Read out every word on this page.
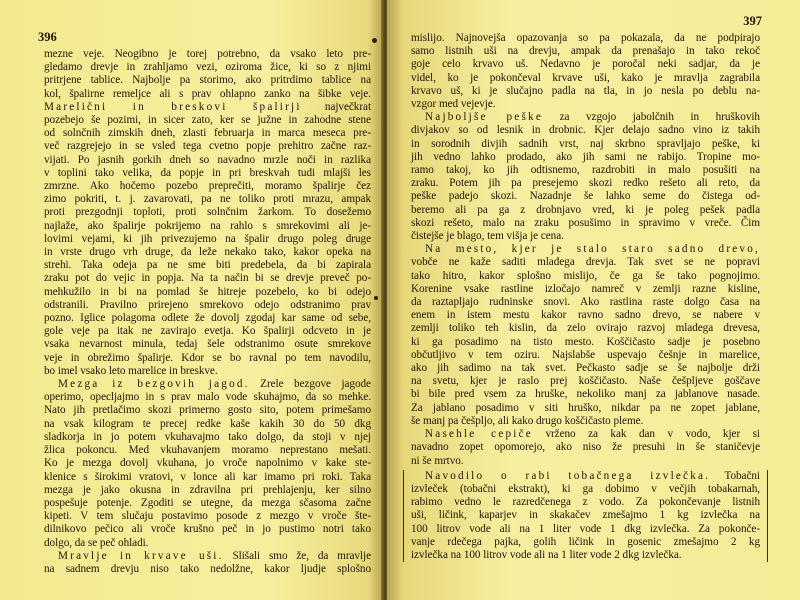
396
mezne veje. Neogibno je torej potrebno, da vsako leto pre-
gledamo drevje in zrahljamo vezi, oziroma žice, ki so z njimi
pritrjene tablice. Najbolje pa storimo, ako pritrdimo tablice na
kol, špalirne remeljce ali s prav ohlapno zanko na šibke veje.
Marelični in breskovi špalirji največkrat
pozebejo še pozimi, in sicer zato, ker se južne in zahodne stene
od solnčnih zimskih dneh, zlasti februarja in marca meseca pre-
več razgrejejo in se vsled tega cvetno popje prehitro začne raz-
vijati. Po jasnih gorkih dneh so navadno mrzle noči in razlika
v toplini tako velika, da popje in pri breskvah tudi mlajši les
zmrzne. Ako hočemo pozebo preprečiti, moramo špalirje čez
zimo pokriti, t. j. zavarovati, pa ne toliko proti mrazu, ampak
proti prezgodnji toploti, proti solnčnim žarkom. To dosežemo
najlaže, ako špalirje pokrijemo na rahlo s smrekovimi ali je-
lovimi vejami, ki jih privezujemo na špalir drugo poleg druge
in vrste drugo vrh druge, da leže nekako tako, kakor opeka na
strehi. Taka odeja pa ne sme biti predebela, da bi zapirala
zraku pot do vejic in popja. Na ta način bi se drevje preveč po-
mehkužilo in bi na pomlad še hitreje pozebelo, ko bi odejo
odstranili. Pravilno prirejeno smrekovo odejo odstranimo prav
pozno. Iglice polagoma odlete že dovolj zgodaj kar same od sebe,
gole veje pa itak ne zavirajo evetja. Ko špalirji odcveto in je
vsaka nevarnost minula, tedaj šele odstranimo osute smrekove
veje in obrežimo špalirje. Kdor se bo ravnal po tem navodilu,
bo imel vsako leto marelice in breskve.
Mezga iz bezgovih jagod. Zrele bezgove jagode
operimo, opecljajmo in s prav malo vode skuhajmo, da so mehke.
Nato jih pretlačimo skozi primerno gosto sito, potem primešamo
na vsak kilogram te precej redke kaše kakih 30 do 50 dkg
sladkorja in jo potem vkuhavajmo tako dolgo, da stoji v njej
žlica pokoncu. Med vkuhavanjem moramo neprestano mešati.
Ko je mezga dovolj vkuhana, jo vroče napolnimo v kake ste-
klenice s širokimi vratovi, v lonce ali kar imamo pri roki. Taka
mezga je jako okusna in zdravilna pri prehlajenju, ker silno
pospešuje potenje. Zgoditi se utegne, da mezga sčasoma začne
kipeti. V tem slučaju postavimo posode z mezgo v vroče šte-
dilnikovo pečico ali vroče krušno peč in jo pustimo notri tako
dolgo, da se peč ohladi.
Mravlje in krvave uši. Slišali smo že, da mravlje
na sadnem drevju niso tako nedolžne, kakor ljudje splošno
397
mislijo. Najnovejša opazovanja so pa pokazala, da ne podpirajo
samo listnih uši na drevju, ampak da prenašajo in tako rekoč
goje celo krvavo uš. Nedavno je poročal neki sadjar, da je
videl, ko je pokončeval krvave uši, kako je mravlja zagrabila
krvavo uš, ki je slučajno padla na tla, in jo nesla po deblu na-
vzgor med vejevje.
Najboljše peške za vzgojo jabolčnih in hruškovih
divjakov so od lesnik in drobnic. Kjer delajo sadno vino iz takih
in sorodnih divjih sadnih vrst, naj skrbno spravljajo peške, ki
jih vedno lahko prodado, ako jih sami ne rabijo. Tropine mo-
ramo takoj, ko jih odtisnemo, razdrobiti in malo posušiti na
zraku. Potem jih pa presejemo skozi redko rešeto ali reto, da
peške padejo skozi. Nazadnje še lahko seme do čistega od-
beremo ali pa ga z drobnjavo vred, ki je poleg pešek padla
skozi rešeto, malo na zraku posušimo in spravimo v vreče. Čim
čistejše je blago, tem višja je cena.
Na mesto, kjer je stalo staro sadno drevo,
vobče ne kaže saditi mladega drevja. Tak svet se ne popravi
tako hitro, kakor splošno mislijo, če ga še tako pognojimo.
Korenine vsake rastline izločajo namreč v zemlji razne kisline,
da raztapljajo rudninske snovi. Ako rastlina raste dolgo časa na
enem in istem mestu kakor ravno sadno drevo, se nabere v
zemlji toliko teh kislin, da zelo ovirajo razvoj mladega drevesa,
ki ga posadimo na tisto mesto. Koščičasto sadje je posebno
občutljivo v tem oziru. Najslabše uspevajo češnje in marelice,
ako jih sadimo na tak svet. Pečkasto sadje se še najbolje drži
na svetu, kjer je raslo prej koščičasto. Naše češpljeve goščave
bi bile pred vsem za hruške, nekoliko manj za jablanove nasade.
Za jablano posadimo v siti hruško, nikdar pa ne zopet jablane,
še manj pa češpljo, ali kako drugo koščičasto pleme.
Nasehle cepiče vrženo za kak dan v vodo, kjer si
navadno zopet opomorejo, ako niso že presuhi in še staničevje
ni še mrtvo.
Navodilo o rabi tobačnega izvlečka. Tobačni
izvleček (tobačni ekstrakt), ki ga dobimo v večjih tobakarnah,
rabimo vedno le razredčenega z vodo. Za pokončevanje listnih
uši, ličink, kaparjev in skakačev zmešajmo 1 kg izvlečka na
100 litrov vode ali na 1 liter vode 1 dkg izvlečka. Za pokonče-
vanje rdečega pajka, golih ličink in gosenic zmešajmo 2 kg
izvlečka na 100 litrov vode ali na 1 liter vode 2 dkg izvlečka.
